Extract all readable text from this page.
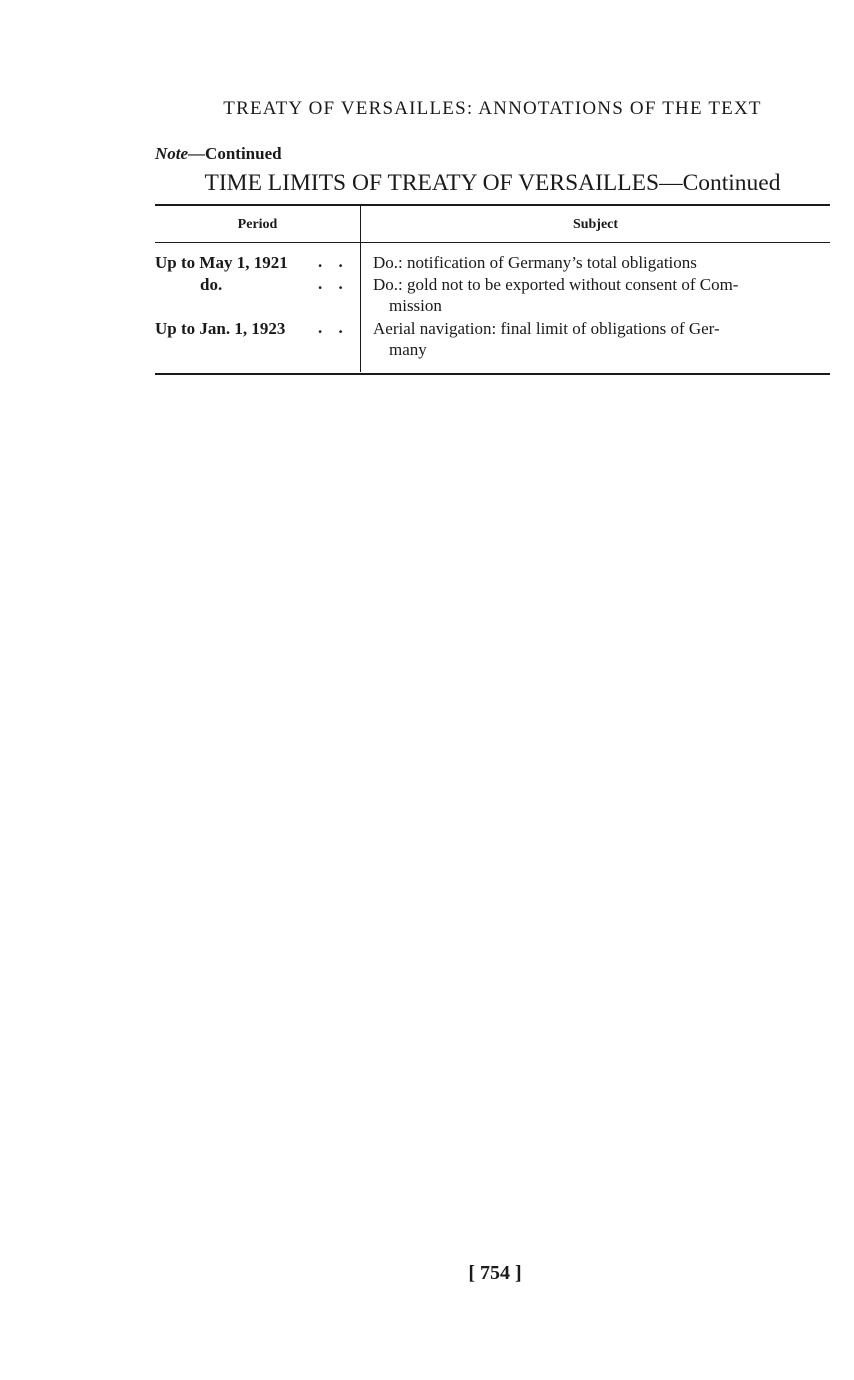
TREATY OF VERSAILLES: ANNOTATIONS OF THE TEXT
Note—Continued
TIME LIMITS OF TREATY OF VERSAILLES—Continued
Period	Subject
Up to May 1, 1921 . . Do.: notification of Germany’s total obligations
do.	. . Do.: gold not to be exported without consent of Com-
mission
Up to Jan. 1, 1923 . . Aerial navigation: final limit of obligations of Ger-
many
[ 754 ]
